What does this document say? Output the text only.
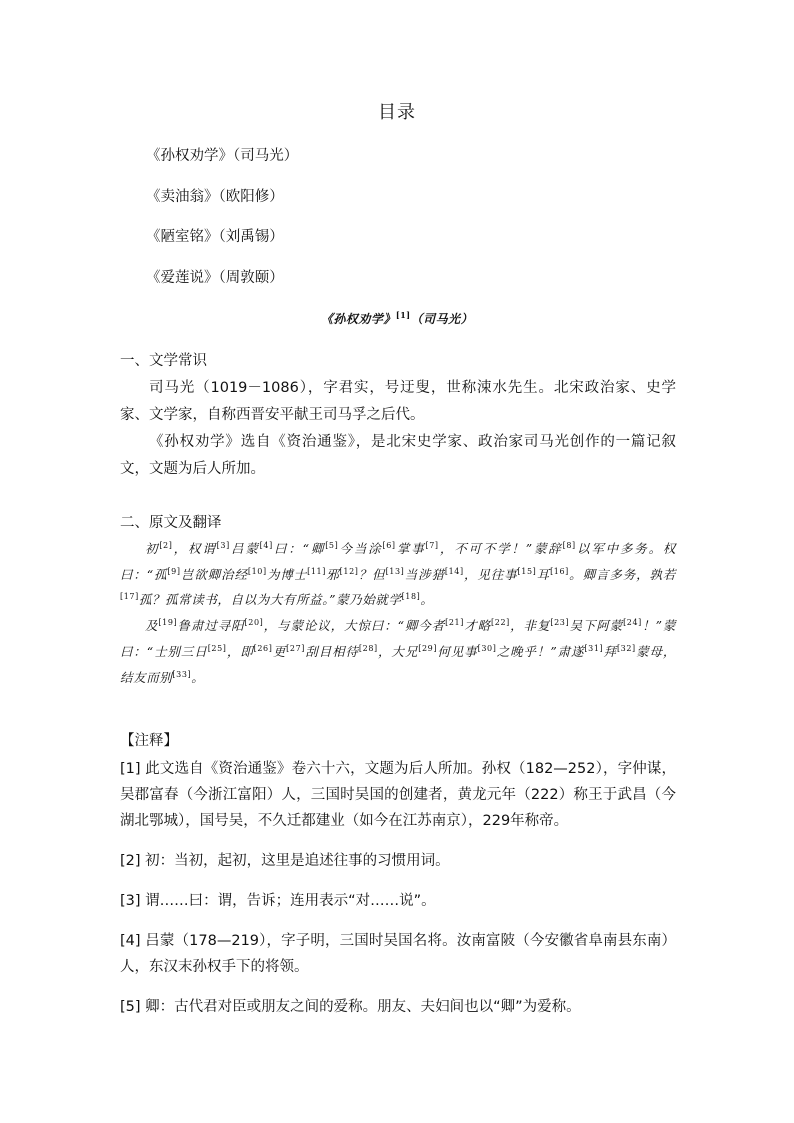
目录
《孙权劝学》（司马光）
《卖油翁》（欧阳修）
《陋室铭》（刘禹锡）
《爱莲说》（周敦颐）
《孙权劝学》[1]（司马光）
一、文学常识

司马光（1019－1086），字君实，号迂叟，世称涑水先生。北宋政治家、史学家、文学家，自称西晋安平献王司马孚之后代。

《孙权劝学》选自《资治通鉴》，是北宋史学家、政治家司马光创作的一篇记叙文，文题为后人所加。

二、原文及翻译

初[2]，权谓[3]吕蒙[4]曰：“卿[5]今当涂[6]掌事[7]，不可不学！”蒙辞[8]以军中多务。权曰：“孤[9]岂欲卿治经[10]为博士[11]邪[12]？但[13]当涉猎[14]，见往事[15]耳[16]。卿言多务，孰若[17]孤？孤常读书，自以为大有所益。”蒙乃始就学[18]。

及[19]鲁肃过寻阳[20]，与蒙论议，大惊曰：“卿今者[21]才略[22]，非复[23]吴下阿蒙[24]！”蒙曰：“士别三日[25]，即[26]更[27]刮目相待[28]，大兄[29]何见事[30]之晚乎！”肃遂[31]拜[32]蒙母，结友而别[33]。

【注释】

[1] 此文选自《资治通鉴》卷六十六，文题为后人所加。孙权（182—252），字仲谋，吴郡富春（今浙江富阳）人，三国时吴国的创建者，黄龙元年（222）称王于武昌（今湖北鄂城），国号吴，不久迁都建业（如今在江苏南京），229年称帝。

[2] 初：当初，起初，这里是追述往事的习惯用词。

[3] 谓……曰：谓，告诉；连用表示“对……说”。

[4] 吕蒙（178—219），字子明，三国时吴国名将。汝南富陂（今安徽省阜南县东南）人，东汉末孙权手下的将领。

[5] 卿：古代君对臣或朋友之间的爱称。朋友、夫妇间也以“卿”为爱称。
